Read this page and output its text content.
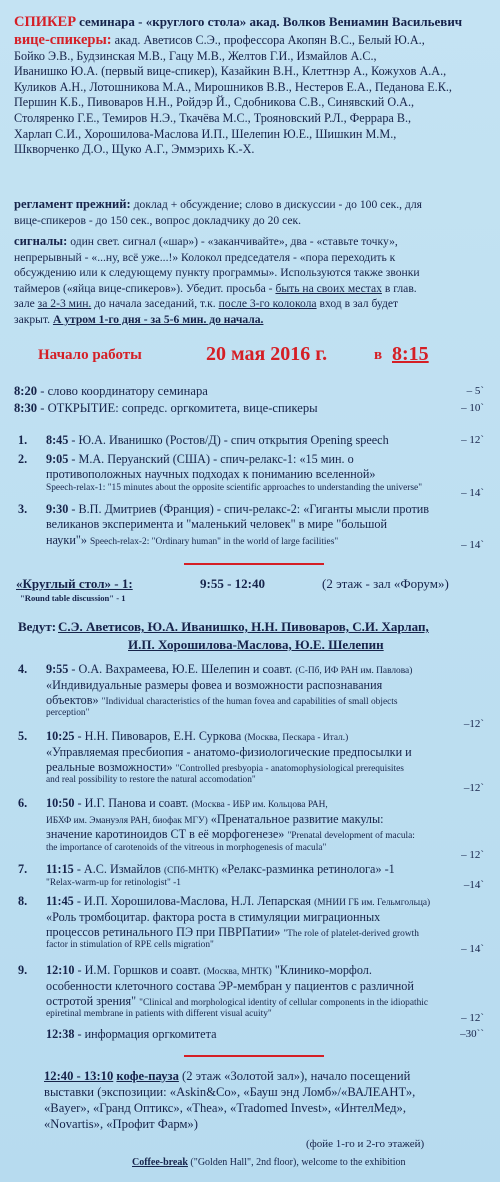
СПИКЕР семинара - «круглого стола» акад. Волков Вениамин Васильевич
вице-спикеры: акад. Аветисов С.Э., профессора Акопян В.С., Белый Ю.А.,
Бойко Э.В., Будзинская М.В., Гацу М.В., Желтов Г.И., Измайлов А.С.,
Иванишко Ю.А. (первый вице-спикер), Казайкин В.Н., Клеттнэр А., Кожухов А.А.,
Куликов А.Н., Лотошникова М.А., Мирошников В.В., Нестеров Е.А., Педанова Е.К.,
Першин К.Б., Пивоваров Н.Н., Ройдэр Й., Сдобникова С.В., Синявский О.А.,
Столяренко Г.Е., Темиров Н.Э., Ткачёва М.С., Трояновский Р.Л., Феррара В.,
Харлап С.И., Хорошилова-Маслова И.П., Шелепин Ю.Е., Шишкин М.М.,
Шкворченко Д.О., Щуко А.Г., Эммэрихь К.-Х.
регламент прежний: доклад + обсуждение; слово в дискуссии - до 100 сек., для
вице-спикеров - до 150 сек., вопрос докладчику до 20 сек.
сигналы: один свет. сигнал («шар») - «заканчивайте», два - «ставьте точку»,
непрерывный - «...ну, всё уже...!» Колокол председателя - «пора переходить к
обсуждению или к следующему пункту программы». Используются также звонки
таймеров («яйца вице-спикеров»). Убедит. просьба - быть на своих местах в глав.
зале за 2-3 мин. до начала заседаний, т.к. после 3-го колокола вход в зал будет
закрыт. А утром 1-го дня - за 5-6 мин. до начала.
Начало работы	20 мая 2016 г.	в 8:15
8:20 - слово координатору семинара	– 5`
8:30 - ОТКРЫТИЕ: сопредс. оргкомитета, вице-спикеры	– 10`
1. 8:45 - Ю.А. Иванишко (Ростов/Д) - спич открытия Opening speech	– 12`
2. 9:05 - М.А. Перуанский (США) - спич-релакс-1: «15 мин. о
противоположных научных подходах к пониманию вселенной»
Speech-relax-1: "15 minutes about the opposite scientific approaches to understanding the universe"	– 14`
3. 9:30 - В.П. Дмитриев (Франция) - спич-релакс-2: «Гиганты мысли против
великанов эксперимента и "маленький человек" в мире "большой
науки"» Speech-relax-2: "Ordinary human" in the world of large facilities"	– 14`
«Круглый стол» - 1:
"Round table discussion" - 1
9:55 - 12:40	(2 этаж - зал «Форум»)
Ведут: С.Э. Аветисов, Ю.А. Иванишко, Н.Н. Пивоваров, С.И. Харлап,
И.П. Хорошилова-Маслова, Ю.Е. Шелепин
4. 9:55 - О.А. Вахрамеева, Ю.Е. Шелепин и соавт. (С-Пб, ИФ РАН им. Павлова)
«Индивидуальные размеры фовеа и возможности распознавания
объектов» "Individual characteristics of the human fovea and capabilities of small objects
perception"
–12`
5. 10:25 - Н.Н. Пивоваров, Е.Н. Суркова (Москва, Пескара - Итал.)
«Управляемая пресбиопия - анатомо-физиологические предпосылки и
реальные возможности» "Controlled presbyopia - anatomophysiological prerequisites
and real possibility to restore the natural accomodation"
–12`
6. 10:50 - И.Г. Панова и соавт. (Москва - ИБР им. Кольцова РАН,
ИБХФ им. Эмануэля РАН, биофак МГУ) «Пренатальное развитие макулы:
значение каротиноидов СТ в её морфогенезе» "Prenatal development of macula:
the importance of carotenoids of the vitreous in morphogenesis of macula"
– 12`
7. 11:15 - А.С. Измайлов (СПб-МНТК) «Релакс-разминка ретинолога» -1
"Relax-warm-up for retinologist" -1	–14`
8. 11:45 - И.П. Хорошилова-Маслова, Н.Л. Лепарская (МНИИ ГБ им. Гельмгольца)
«Роль тромбоцитар. фактора роста в стимуляции миграционных
процессов ретинального ПЭ при ПВРПатии» "The role of platelet-derived growth
factor in stimulation of RPE cells migration"	– 14`
9. 12:10 - И.М. Горшков и соавт. (Москва, МНТК) "Клинико-морфол.
особенности клеточного состава ЭР-мембран у пациентов с различной
остротой зрения" "Clinical and morphological identity of cellular components in the idiopathic
epiretinal membrane in patients with different visual acuity"	– 12`
12:38 - информация оргкомитета	–30``
12:40 - 13:10 кофе-пауза (2 этаж «Золотой зал»), начало посещений
выставки (экспозиции: «Askin&Co», «Бауш энд Ломб»/«ВАЛЕАНТ»,
«Bayer», «Гранд Оптикс», «Thea», «Tradomed Invest», «ИнтелМед»,
«Novartis», «Профит Фарм»)
(фойе 1-го и 2-го этажей)
Coffee-break ("Golden Hall", 2nd floor), welcome to the exhibition
